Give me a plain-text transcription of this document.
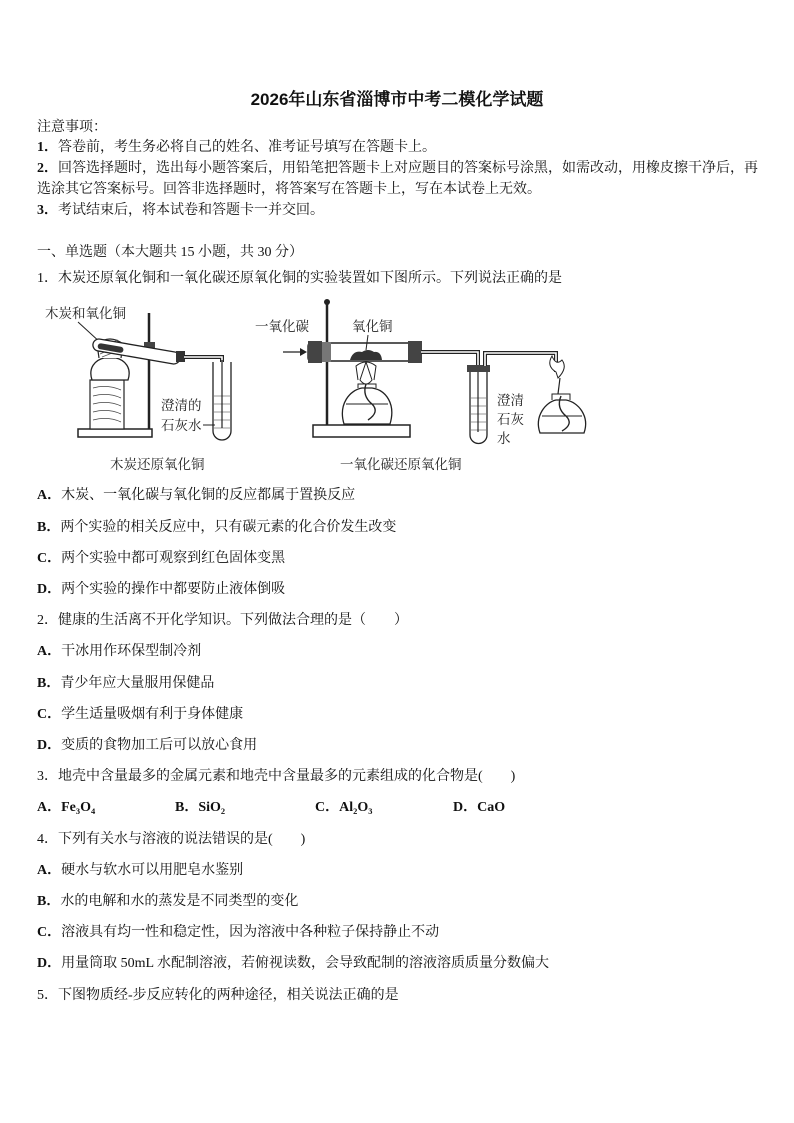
2026年山东省淄博市中考二模化学试题
注意事项：
1．答卷前，考生务必将自己的姓名、准考证号填写在答题卡上。
2．回答选择题时，选出每小题答案后，用铅笔把答题卡上对应题目的答案标号涂黑，如需改动，用橡皮擦干净后，再
选涂其它答案标号。回答非选择题时，将答案写在答题卡上，写在本试卷上无效。
3．考试结束后，将本试卷和答题卡一并交回。
一、单选题（本大题共 15 小题，共 30 分）
1．木炭还原氧化铜和一氧化碳还原氧化铜的实验装置如下图所示。下列说法正确的是
木炭和氧化铜
澄清的
石灰水
木炭还原氧化铜
一氧化碳	氧化铜
澄清
石灰
水
一氧化碳还原氧化铜
A．木炭、一氧化碳与氧化铜的反应都属于置换反应
B．两个实验的相关反应中，只有碳元素的化合价发生改变
C．两个实验中都可观察到红色固体变黑
D．两个实验的操作中都要防止液体倒吸
2．健康的生活离不开化学知识。下列做法合理的是（　　）
A．干冰用作环保型制冷剂
B．青少年应大量服用保健品
C．学生适量吸烟有利于身体健康
D．变质的食物加工后可以放心食用
3．地壳中含量最多的金属元素和地壳中含量最多的元素组成的化合物是(　　)
A．Fe₃O₄	B．SiO₂	C．Al₂O₃	D．CaO
4．下列有关水与溶液的说法错误的是(　　)
A．硬水与软水可以用肥皂水鉴别
B．水的电解和水的蒸发是不同类型的变化
C．溶液具有均一性和稳定性，因为溶液中各种粒子保持静止不动
D．用量筒取 50mL 水配制溶液，若俯视读数，会导致配制的溶液溶质质量分数偏大
5．下图物质经-步反应转化的两种途径，相关说法正确的是
